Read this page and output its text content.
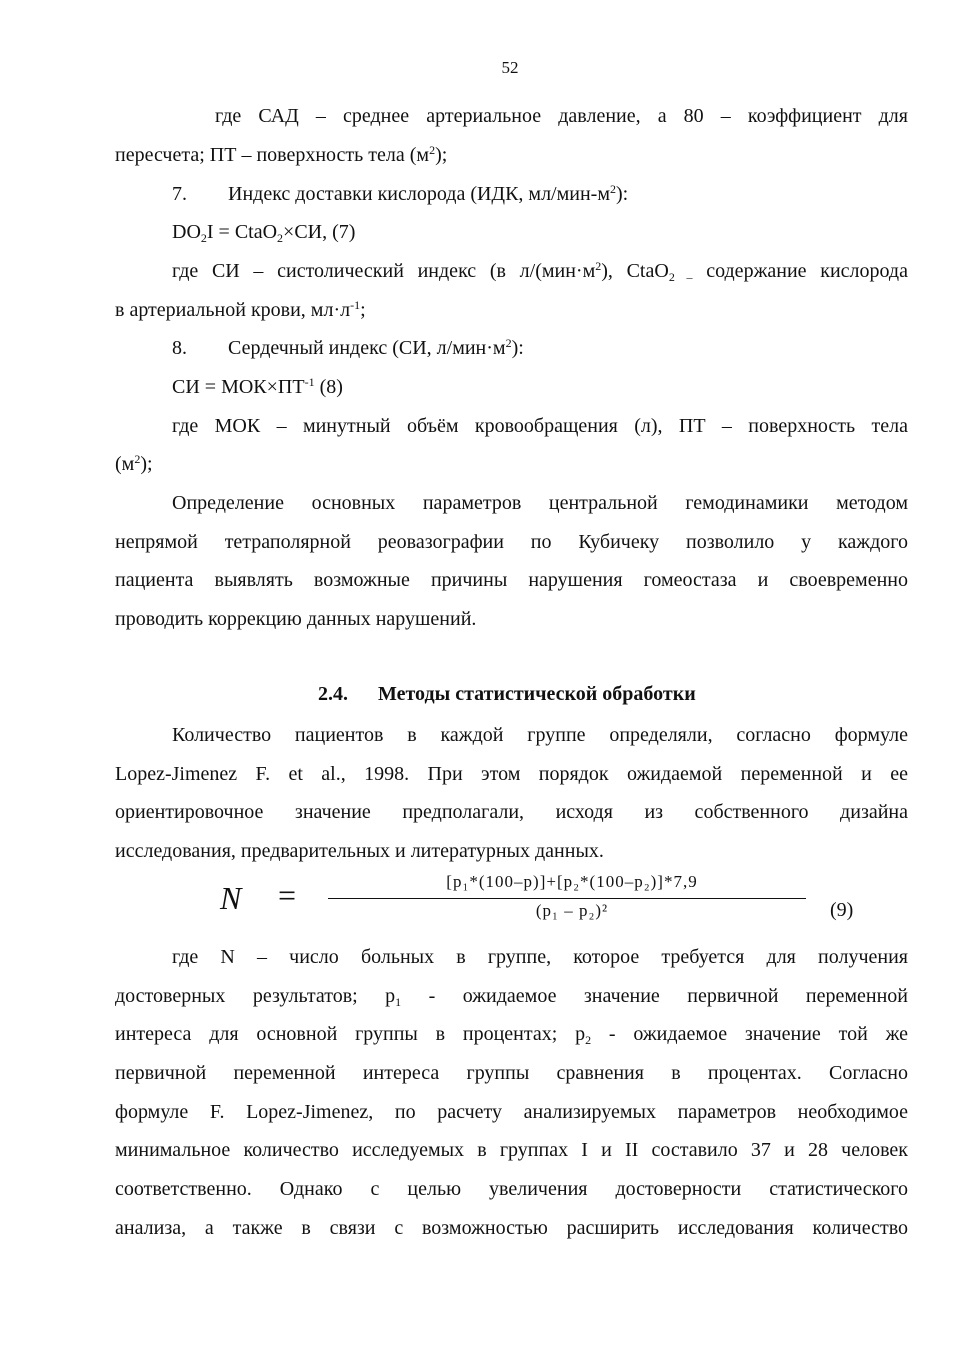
52
где САД – среднее артериальное давление, а 80 – коэффициент для
пересчета; ПТ – поверхность тела $(м^2)$;
7. Индекс доставки кислорода (ИДК, $мл/мин-м^2$):
$DO_2I$ = CtaO$_2$×СИ, (7)
где СИ – систолический индекс (в $л/(мин\cdot м^2)$, CtaO$_{2 -}$ содержание кислорода
в артериальной крови, $мл\cdot л^{-1}$;
8. Сердечный индекс (СИ, $л/мин\cdot м^2$):
СИ = $МОК\times ПТ^{-1}$ (8)
где МОК – минутный объём кровообращения (л), ПТ – поверхность тела
$(м^2)$;
Определение основных параметров центральной гемодинамики методом
непрямой тетраполярной реовазографии по Кубичеку позволило у каждого
пациента выявлять возможные причины нарушения гомеостаза и своевременно
проводить коррекцию данных нарушений.
2.4. Методы статистической обработки
Количество пациентов в каждой группе определяли, согласно формуле
Lopez-Jimenez F. et al., 1998. При этом порядок ожидаемой переменной и ее
ориентировочное значение предполагали, исходя из собственного дизайна
исследования, предварительных и литературных данных.
N =	[p₁*(100–p)]+[p₂*(100–p₂)]*7,9
(p₁ – p₂)²	(9)
где N – число больных в группе, которое требуется для получения
достоверных результатов; $p_1$ - ожидаемое значение первичной переменной
интереса для основной группы в процентах; $p_2$ - ожидаемое значение той же
первичной переменной интереса группы сравнения в процентах. Согласно
формуле F. Lopez-Jimenez, по расчету анализируемых параметров необходимое
минимальное количество исследуемых в группах I и II составило 37 и 28 человек
соответственно. Однако с целью увеличения достоверности статистического
анализа, а также в связи с возможностью расширить исследования количество
